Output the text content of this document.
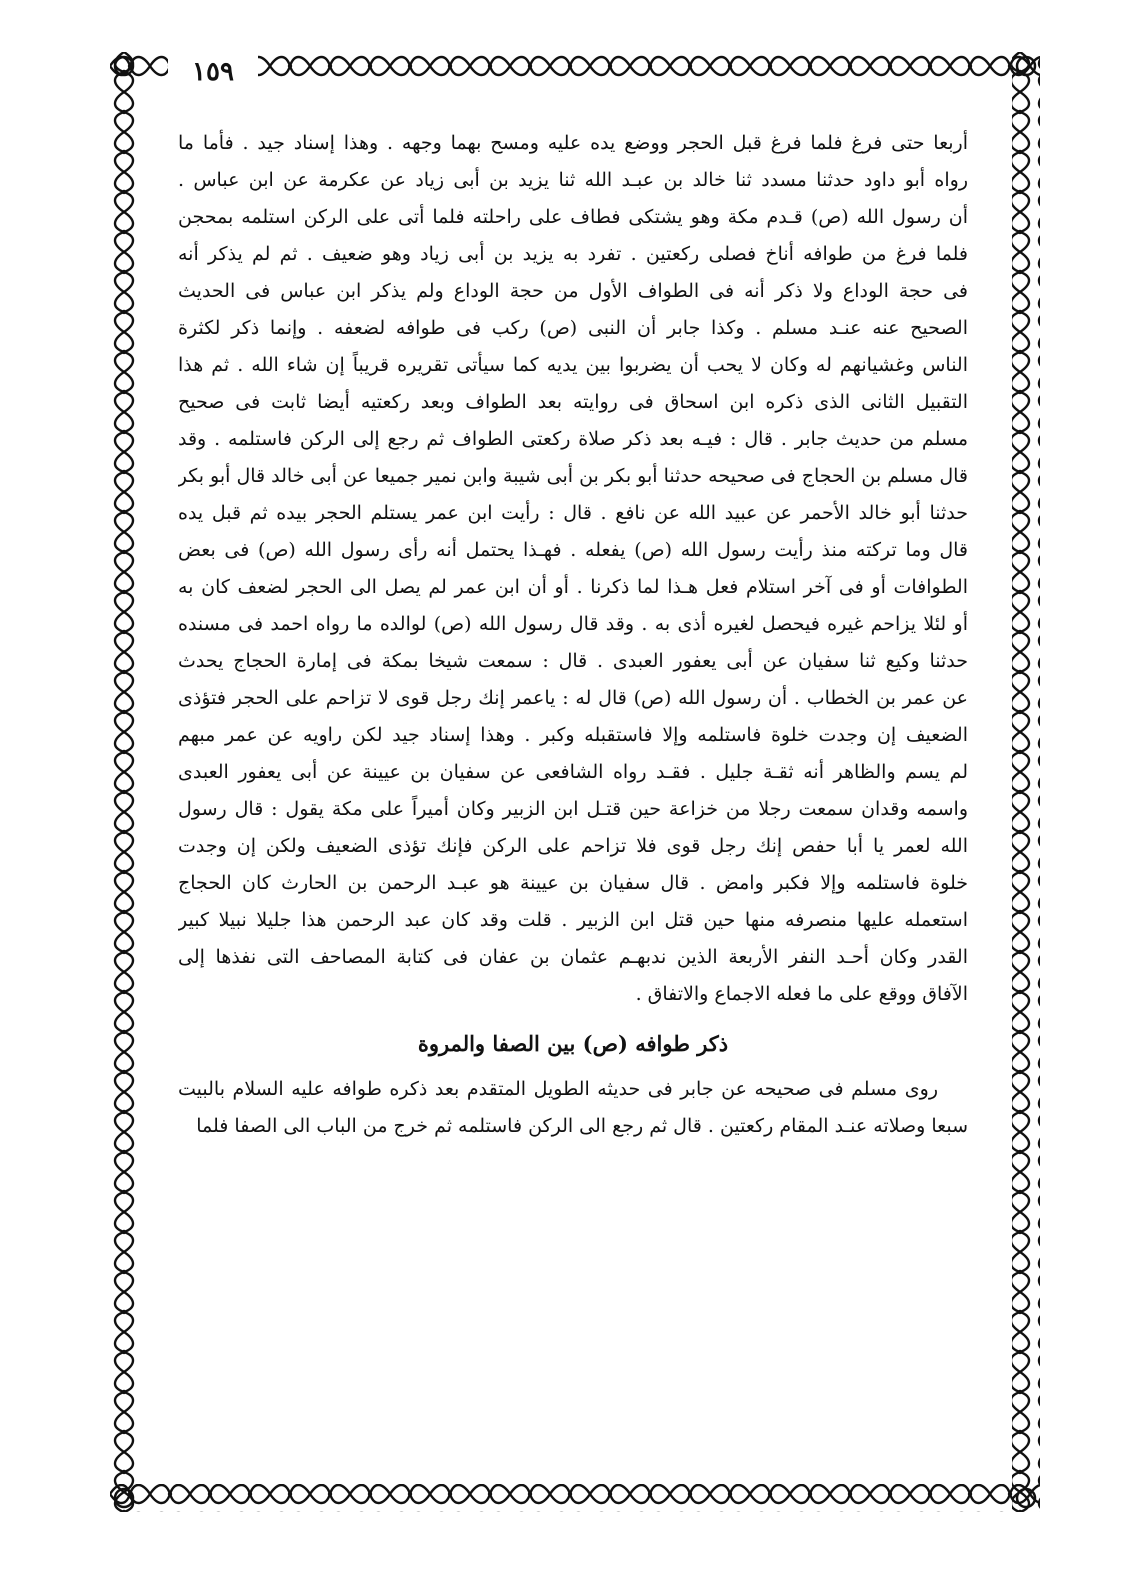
١٥٩
أربعا حتى فرغ فلما فرغ قبل الحجر ووضع يده عليه ومسح بهما وجهه . وهذا إسناد جيد . فأما ما
رواه أبو داود حدثنا مسدد ثنا خالد بن عبـد الله ثنا يزيد بن أبى زياد عن عكرمة عن ابن عباس .
أن رسول الله (ص) قـدم مكة وهو يشتكى فطاف على راحلته فلما أتى على الركن استلمه بمحجن
فلما فرغ من طوافه أناخ فصلى ركعتين . تفرد به يزيد بن أبى زياد وهو ضعيف . ثم لم يذكر أنه
فى حجة الوداع ولا ذكر أنه فى الطواف الأول من حجة الوداع ولم يذكر ابن عباس فى الحديث
الصحيح عنه عنـد مسلم . وكذا جابر أن النبى (ص) ركب فى طوافه لضعفه . وإنما ذكر لكثرة
الناس وغشيانهم له وكان لا يحب أن يضربوا بين يديه كما سيأتى تقريره قريباً إن شاء الله . ثم هذا
التقبيل الثانى الذى ذكره ابن اسحاق فى روايته بعد الطواف وبعد ركعتيه أيضا ثابت فى صحيح
مسلم من حديث جابر . قال : فيـه بعد ذكر صلاة ركعتى الطواف ثم رجع إلى الركن فاستلمه . وقد
قال مسلم بن الحجاج فى صحيحه حدثنا أبو بكر بن أبى شيبة وابن نمير جميعا عن أبى خالد قال أبو بكر
حدثنا أبو خالد الأحمر عن عبيد الله عن نافع . قال : رأيت ابن عمر يستلم الحجر بيده ثم قبل يده
قال وما تركته منذ رأيت رسول الله (ص) يفعله . فهـذا يحتمل أنه رأى رسول الله (ص) فى بعض
الطوافات أو فى آخر استلام فعل هـذا لما ذكرنا . أو أن ابن عمر لم يصل الى الحجر لضعف كان به
أو لئلا يزاحم غيره فيحصل لغيره أذى به . وقد قال رسول الله (ص) لوالده ما رواه احمد فى مسنده
حدثنا وكيع ثنا سفيان عن أبى يعفور العبدى . قال : سمعت شيخا بمكة فى إمارة الحجاج يحدث
عن عمر بن الخطاب . أن رسول الله (ص) قال له : ياعمر إنك رجل قوى لا تزاحم على الحجر فتؤذى
الضعيف إن وجدت خلوة فاستلمه وإلا فاستقبله وكبر . وهذا إسناد جيد لكن راويه عن عمر مبهم
لم يسم والظاهر أنه ثقـة جليل . فقـد رواه الشافعى عن سفيان بن عيينة عن أبى يعفور العبدى
واسمه وقدان سمعت رجلا من خزاعة حين قتـل ابن الزبير وكان أميراً على مكة يقول : قال رسول
الله لعمر يا أبا حفص إنك رجل قوى فلا تزاحم على الركن فإنك تؤذى الضعيف ولكن إن وجدت
خلوة فاستلمه وإلا فكبر وامض . قال سفيان بن عيينة هو عبـد الرحمن بن الحارث كان الحجاج
استعمله عليها منصرفه منها حين قتل ابن الزبير . قلت وقد كان عبد الرحمن هذا جليلا نبيلا كبير
القدر وكان أحـد النفر الأربعة الذين ندبهـم عثمان بن عفان فى كتابة المصاحف التى نفذها إلى
الآفاق ووقع على ما فعله الاجماع والاتفاق .
ذكر طوافه (ص) بين الصفا والمروة
روى مسلم فى صحيحه عن جابر فى حديثه الطويل المتقدم بعد ذكره طوافه عليه السلام بالبيت
سبعا وصلاته عنـد المقام ركعتين . قال ثم رجع الى الركن فاستلمه ثم خرج من الباب الى الصفا فلما
